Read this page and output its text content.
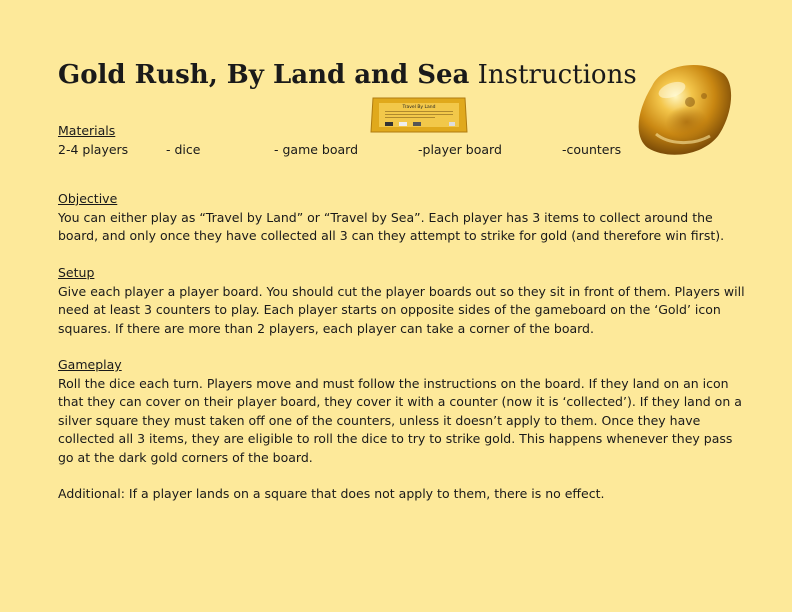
Gold Rush, By Land and Sea Instructions
Travel By Land
Materials
2-4 players	- dice	- game board	-player board	-counters
Objective

You can either play as “Travel by Land” or “Travel by Sea”. Each player has 3 items to collect around the board, and only once they have collected all 3 can they attempt to strike for gold (and therefore win first).

Setup

Give each player a player board. You should cut the player boards out so they sit in front of them. Players will need at least 3 counters to play. Each player starts on opposite sides of the gameboard on the ‘Gold’ icon squares. If there are more than 2 players, each player can take a corner of the board.

Gameplay

Roll the dice each turn. Players move and must follow the instructions on the board. If they land on an icon that they can cover on their player board, they cover it with a counter (now it is ‘collected’). If they land on a silver square they must taken off one of the counters, unless it doesn’t apply to them. Once they have collected all 3 items, they are eligible to roll the dice to try to strike gold. This happens whenever they pass go at the dark gold corners of the board.

Additional: If a player lands on a square that does not apply to them, there is no effect.
